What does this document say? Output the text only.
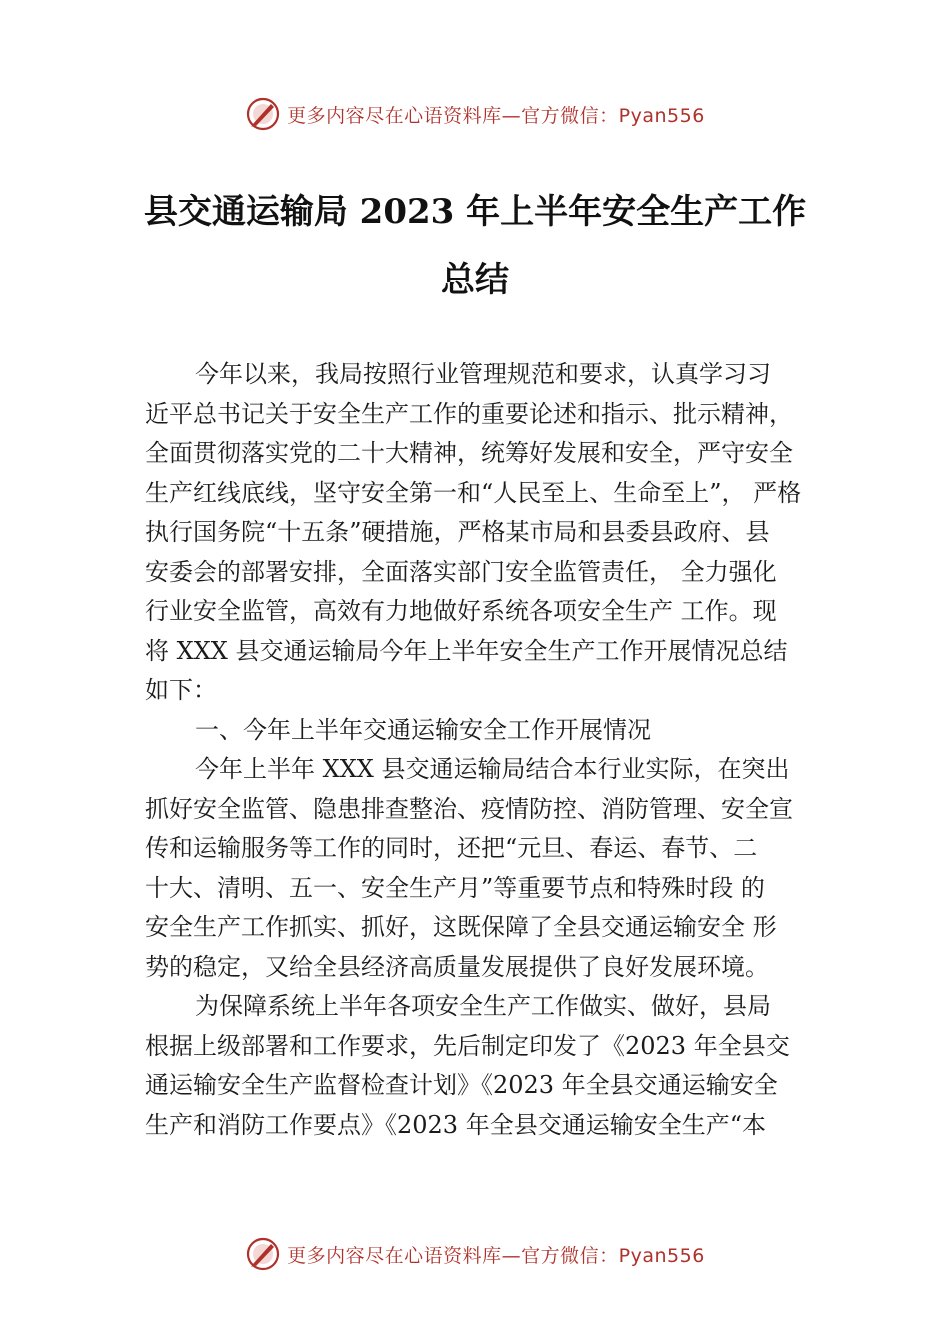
更多内容尽在心语资料库—官方微信：Pyan556
县交通运输局 2023 年上半年安全生产工作
总结
今年以来，我局按照行业管理规范和要求，认真学习习
近平总书记关于安全生产工作的重要论述和指示、批示精神，
全面贯彻落实党的二十大精神，统筹好发展和安全，严守安全
生产红线底线，坚守安全第一和“人民至上、生命至上”， 严格
执行国务院“十五条”硬措施，严格某市局和县委县政府、县
安委会的部署安排，全面落实部门安全监管责任， 全力强化
行业安全监管，高效有力地做好系统各项安全生产 工作。现
将 XXX 县交通运输局今年上半年安全生产工作开展情况总结
如下：
一、今年上半年交通运输安全工作开展情况
今年上半年 XXX 县交通运输局结合本行业实际，在突出
抓好安全监管、隐患排查整治、疫情防控、消防管理、安全宣
传和运输服务等工作的同时，还把“元旦、春运、春节、二
十大、清明、五一、安全生产月”等重要节点和特殊时段 的
安全生产工作抓实、抓好，这既保障了全县交通运输安全 形
势的稳定，又给全县经济高质量发展提供了良好发展环境。
为保障系统上半年各项安全生产工作做实、做好，县局
根据上级部署和工作要求，先后制定印发了《2023 年全县交
通运输安全生产监督检查计划》《2023 年全县交通运输安全
生产和消防工作要点》《2023 年全县交通运输安全生产“本
更多内容尽在心语资料库—官方微信：Pyan556
